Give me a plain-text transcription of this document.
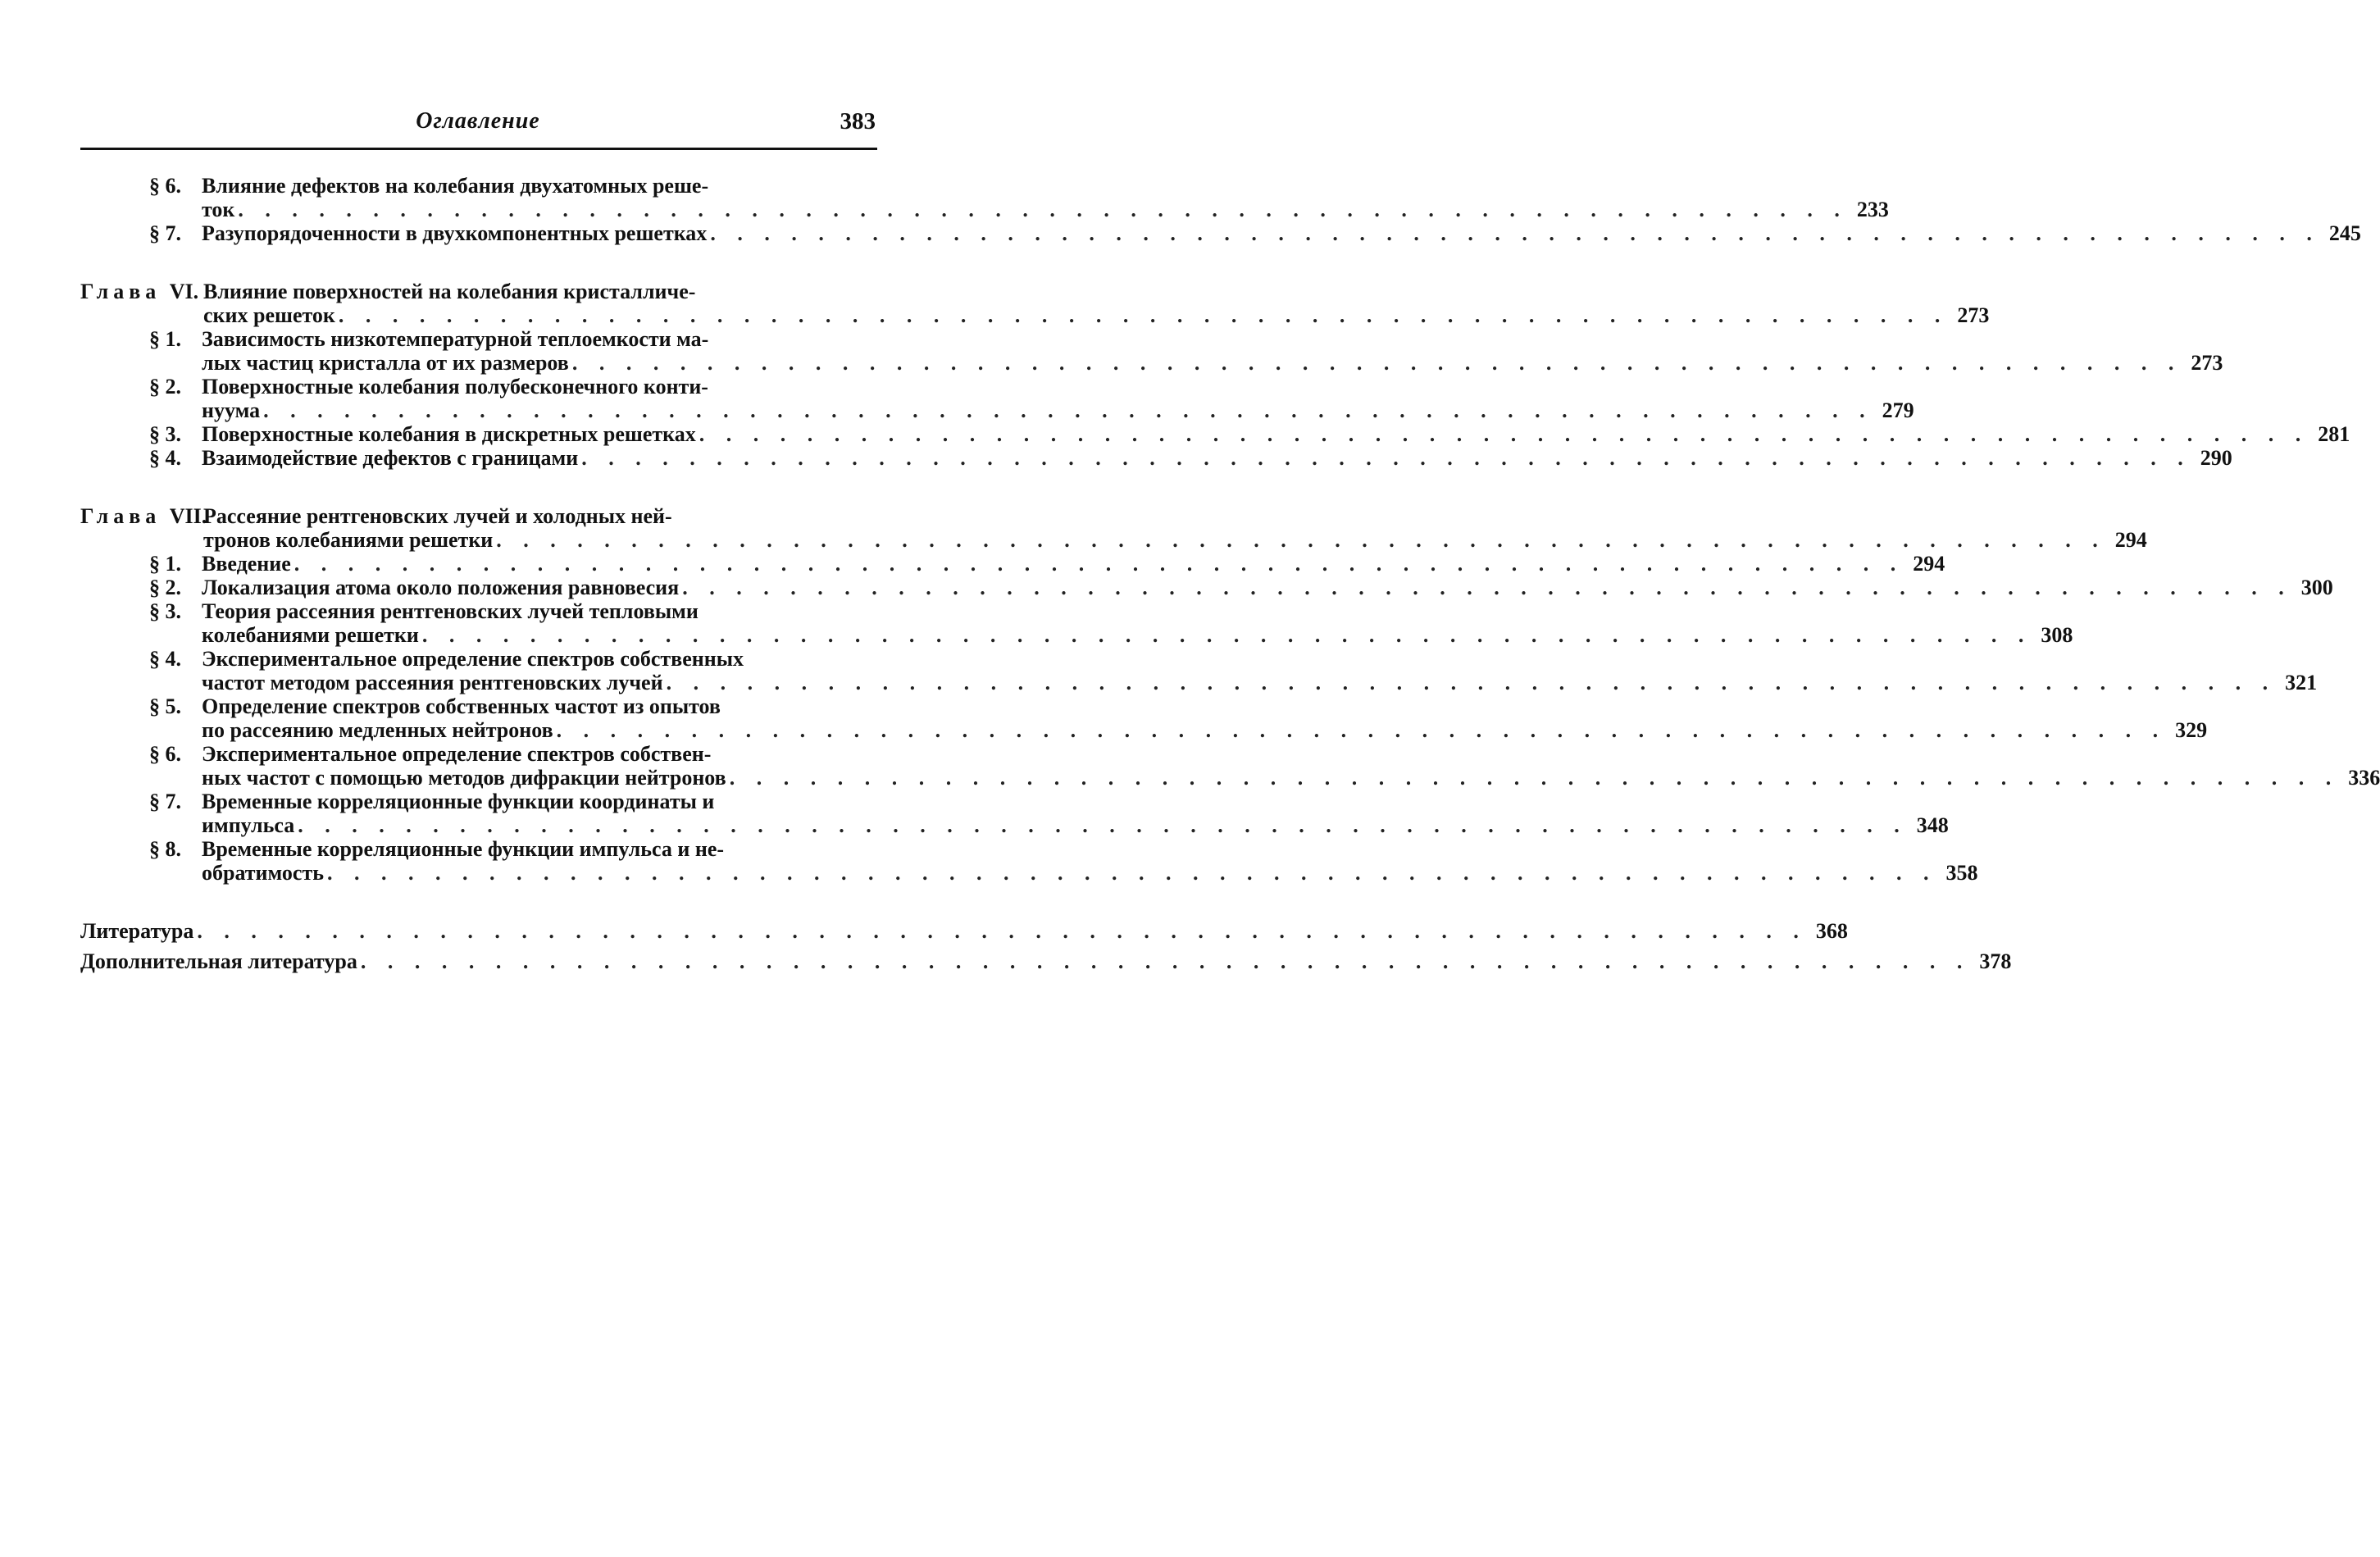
Оглавление	383
§ 6. Влияние дефектов на колебания двухатомных реше-
ток . . . . . . . . . . . . . . . . . . . . . . . . . . . . . . . . . . . . . . . . . . . . . . . . . . . . . . . . . . . . 233
§ 7. Разупорядоченности в двухкомпонентных решетках . . . . . . . . . . . . . . . . . . . . . . . . . . . . . . . . . . . . . . . . . . . . . . . . . . . . . . . . . . . . 245
Глава VI. Влияние поверхностей на колебания кристалличе-
ских решеток . . . . . . . . . . . . . . . . . . . . . . . . . . . . . . . . . . . . . . . . . . . . . . . . . . . . . . . . . . . . 273
§ 1. Зависимость низкотемпературной теплоемкости ма-
лых частиц кристалла от их размеров . . . . . . . . . . . . . . . . . . . . . . . . . . . . . . . . . . . . . . . . . . . . . . . . . . . . . . . . . . . . 273
§ 2. Поверхностные колебания полубесконечного конти-
нуума . . . . . . . . . . . . . . . . . . . . . . . . . . . . . . . . . . . . . . . . . . . . . . . . . . . . . . . . . . . . 279
§ 3. Поверхностные колебания в дискретных решетках . . . . . . . . . . . . . . . . . . . . . . . . . . . . . . . . . . . . . . . . . . . . . . . . . . . . . . . . . . . . 281
§ 4. Взаимодействие дефектов с границами . . . . . . . . . . . . . . . . . . . . . . . . . . . . . . . . . . . . . . . . . . . . . . . . . . . . . . . . . . . . 290
Глава VII.
Рассеяние рентгеновских лучей и холодных ней-
тронов колебаниями решетки . . . . . . . . . . . . . . . . . . . . . . . . . . . . . . . . . . . . . . . . . . . . . . . . . . . . . . . . . . . . 294
§ 1. Введение . . . . . . . . . . . . . . . . . . . . . . . . . . . . . . . . . . . . . . . . . . . . . . . . . . . . . . . . . . . . 294
§ 2. Локализация атома около положения равновесия . . . . . . . . . . . . . . . . . . . . . . . . . . . . . . . . . . . . . . . . . . . . . . . . . . . . . . . . . . . . 300
§ 3. Теория рассеяния рентгеновских лучей тепловыми
колебаниями решетки . . . . . . . . . . . . . . . . . . . . . . . . . . . . . . . . . . . . . . . . . . . . . . . . . . . . . . . . . . . . 308
§ 4. Экспериментальное определение спектров собственных
частот методом рассеяния рентгеновских лучей . . . . . . . . . . . . . . . . . . . . . . . . . . . . . . . . . . . . . . . . . . . . . . . . . . . . . . . . . . . . 321
§ 5. Определение спектров собственных частот из опытов
по рассеянию медленных нейтронов . . . . . . . . . . . . . . . . . . . . . . . . . . . . . . . . . . . . . . . . . . . . . . . . . . . . . . . . . . . . 329
§ 6. Экспериментальное определение спектров собствен-
ных частот с помощью методов дифракции нейтронов . . . . . . . . . . . . . . . . . . . . . . . . . . . . . . . . . . . . . . . . . . . . . . . . . . . . . . . . . . . . 336
§ 7. Временные корреляционные функции координаты и
импульса . . . . . . . . . . . . . . . . . . . . . . . . . . . . . . . . . . . . . . . . . . . . . . . . . . . . . . . . . . . . 348
§ 8. Временные корреляционные функции импульса и не-
обратимость . . . . . . . . . . . . . . . . . . . . . . . . . . . . . . . . . . . . . . . . . . . . . . . . . . . . . . . . . . . . 358
Литература . . . . . . . . . . . . . . . . . . . . . . . . . . . . . . . . . . . . . . . . . . . . . . . . . . . . . . . . . . . . 368
Дополнительная литература . . . . . . . . . . . . . . . . . . . . . . . . . . . . . . . . . . . . . . . . . . . . . . . . . . . . . . . . . . . . 378
